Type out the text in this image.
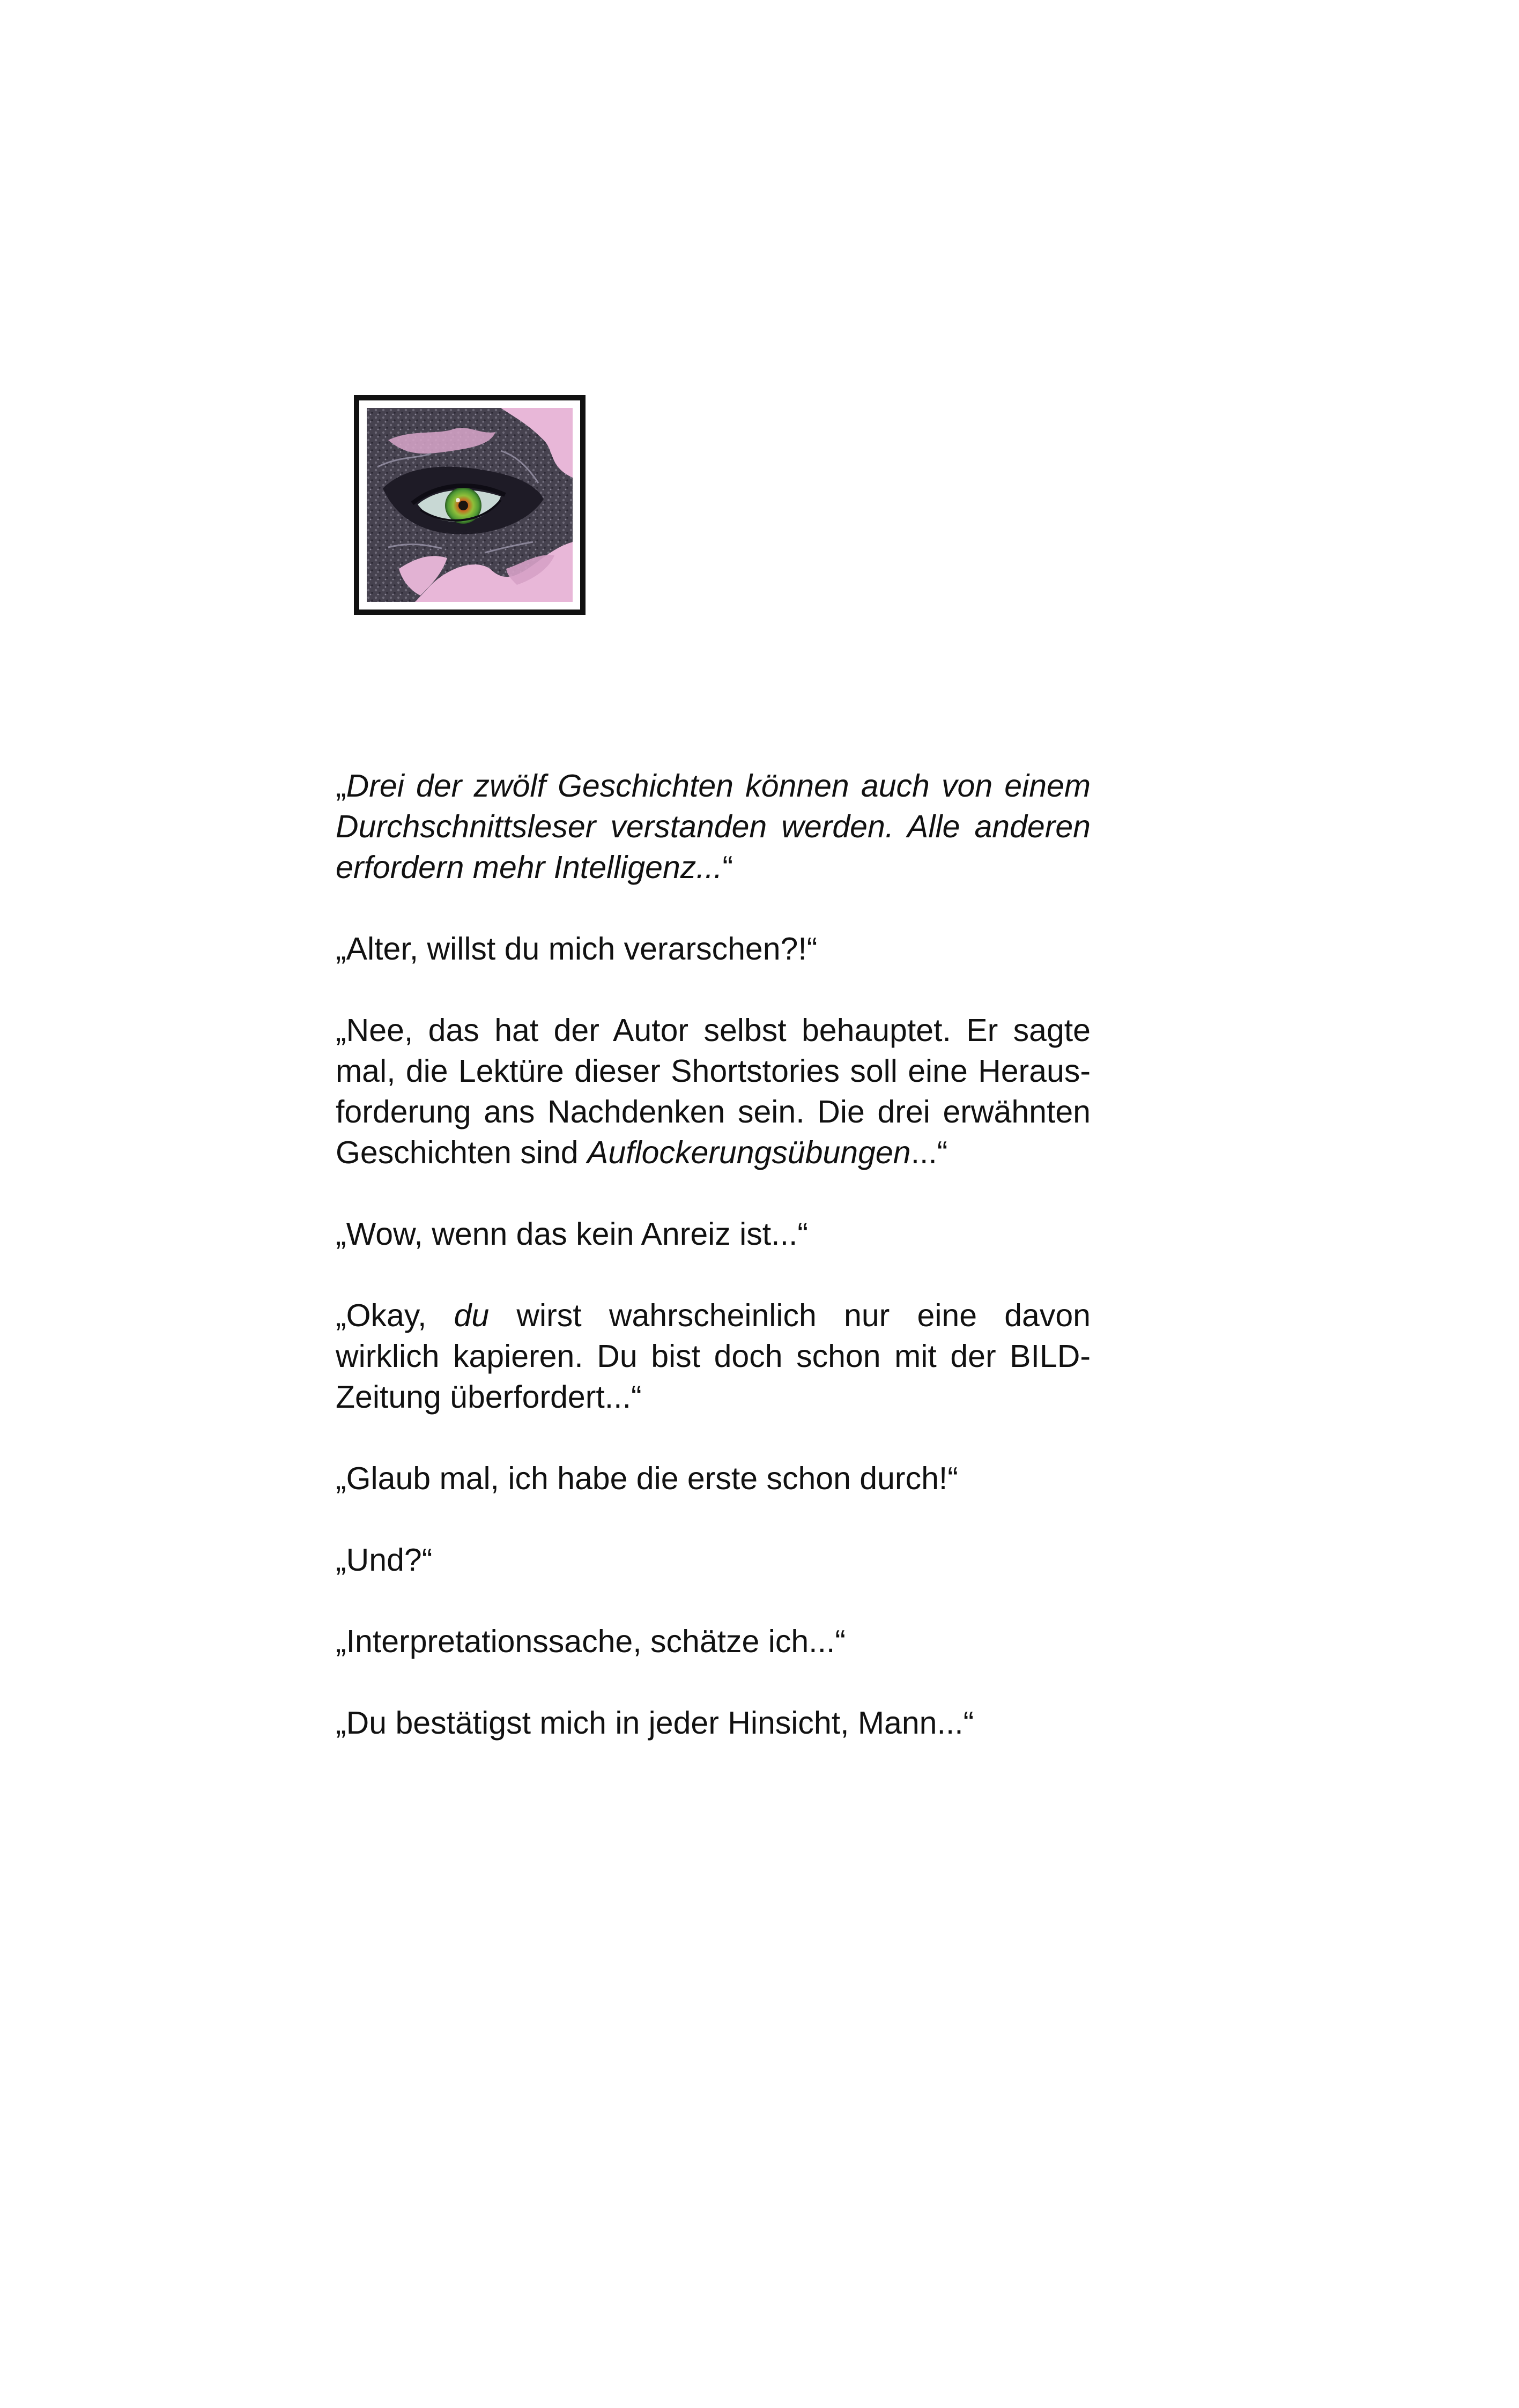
„Drei der zwölf Geschichten können auch von einem Durchschnittsleser verstanden werden. Alle anderen erfordern mehr Intelligenz...“

„Alter, willst du mich verarschen?!“

„Nee, das hat der Autor selbst behauptet. Er sagte mal, die Lektüre dieser Shortstories soll eine Herausforderung ans Nachdenken sein. Die drei erwähnten Geschichten sind Auflockerungsübungen...“

„Wow, wenn das kein Anreiz ist...“

„Okay, du wirst wahrscheinlich nur eine davon wirklich kapieren. Du bist doch schon mit der BILD-Zeitung überfordert...“

„Glaub mal, ich habe die erste schon durch!“

„Und?“

„Interpretationssache, schätze ich...“

„Du bestätigst mich in jeder Hinsicht, Mann...“
